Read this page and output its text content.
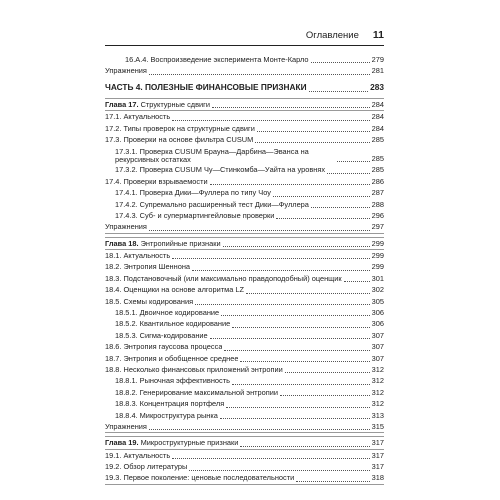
Оглавление 11
16.А.4. Воспроизведение эксперимента Монте-Карло	279
Упражнения	281
ЧАСТЬ 4. ПОЛЕЗНЫЕ ФИНАНСОВЫЕ ПРИЗНАКИ	283
Глава 17. Структурные сдвиги	284
17.1. Актуальность	284
17.2. Типы проверок на структурные сдвиги	284
17.3. Проверки на основе фильтра CUSUM	285
17.3.1. Проверка CUSUM Брауна—Дарбина—Эванса на рекурсивных остатках	285
17.3.2. Проверка CUSUM Чу—Стинкомба—Уайта на уровнях	285
17.4. Проверки взрываемости	286
17.4.1. Проверка Дики—Фуллера по типу Чоу	287
17.4.2. Супремально расширенный тест Дики—Фуллера	288
17.4.3. Суб- и супермартингейловые проверки	296
Упражнения	297
Глава 18. Энтропийные признаки	299
18.1. Актуальность	299
18.2. Энтропия Шеннона	299
18.3. Подстановочный (или максимально правдоподобный) оценщик	301
18.4. Оценщики на основе алгоритма LZ	302
18.5. Схемы кодирования	305
18.5.1. Двоичное кодирование	306
18.5.2. Квантильное кодирование	306
18.5.3. Сигма-кодирование	307
18.6. Энтропия гауссова процесса	307
18.7. Энтропия и обобщенное среднее	307
18.8. Несколько финансовых приложений энтропии	312
18.8.1. Рыночная эффективность	312
18.8.2. Генерирование максимальной энтропии	312
18.8.3. Концентрация портфеля	312
18.8.4. Микроструктура рынка	313
Упражнения	315
Глава 19. Микроструктурные признаки	317
19.1. Актуальность	317
19.2. Обзор литературы	317
19.3. Первое поколение: ценовые последовательности	318
